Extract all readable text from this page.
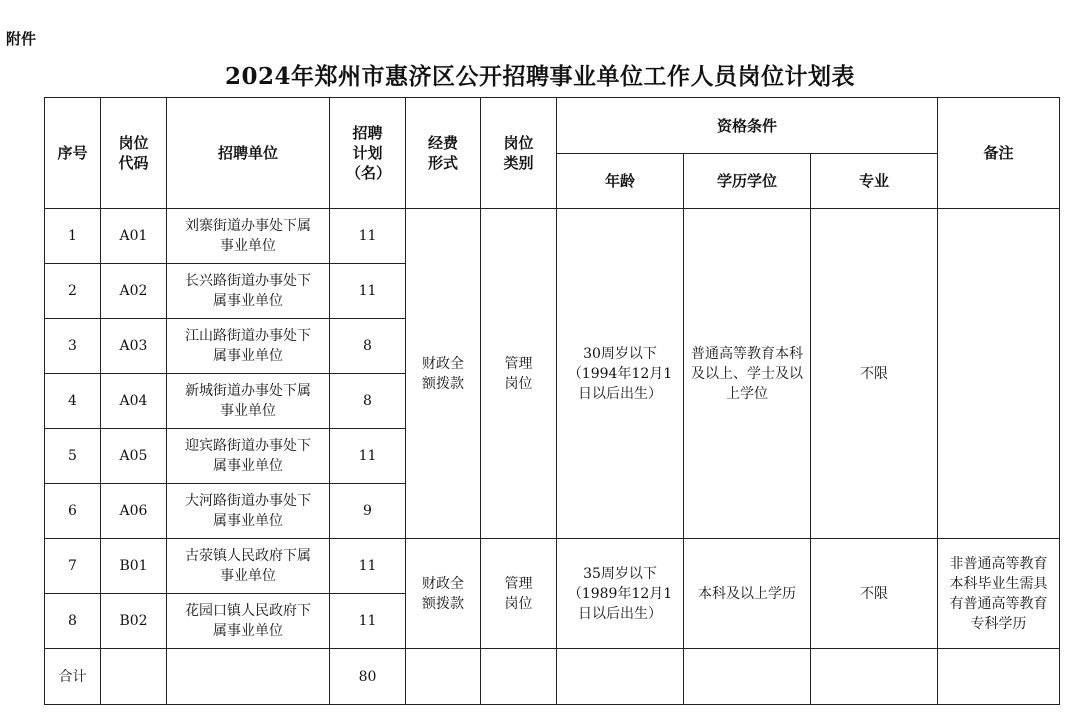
附件
2024年郑州市惠济区公开招聘事业单位工作人员岗位计划表
序号	岗位代码	招聘单位	招聘计划（名）	经费形式	岗位类别	资格条件			备注
						年龄	学历学位	专业	
1	A01	刘寨街道办事处下属事业单位	11	财政全额拨款	管理岗位	30周岁以下（1994年12月1日以后出生）	普通高等教育本科及以上、学士及以上学位	不限	
2	A02	长兴路街道办事处下属事业单位	11						
3	A03	江山路街道办事处下属事业单位	8						
4	A04	新城街道办事处下属事业单位	8						
5	A05	迎宾路街道办事处下属事业单位	11						
6	A06	大河路街道办事处下属事业单位	9						
7	B01	古荥镇人民政府下属事业单位	11	财政全额拨款	管理岗位	35周岁以下（1989年12月1日以后出生）	本科及以上学历	不限	非普通高等教育本科毕业生需具有普通高等教育专科学历
8	B02	花园口镇人民政府下属事业单位	11						
合计			80						
